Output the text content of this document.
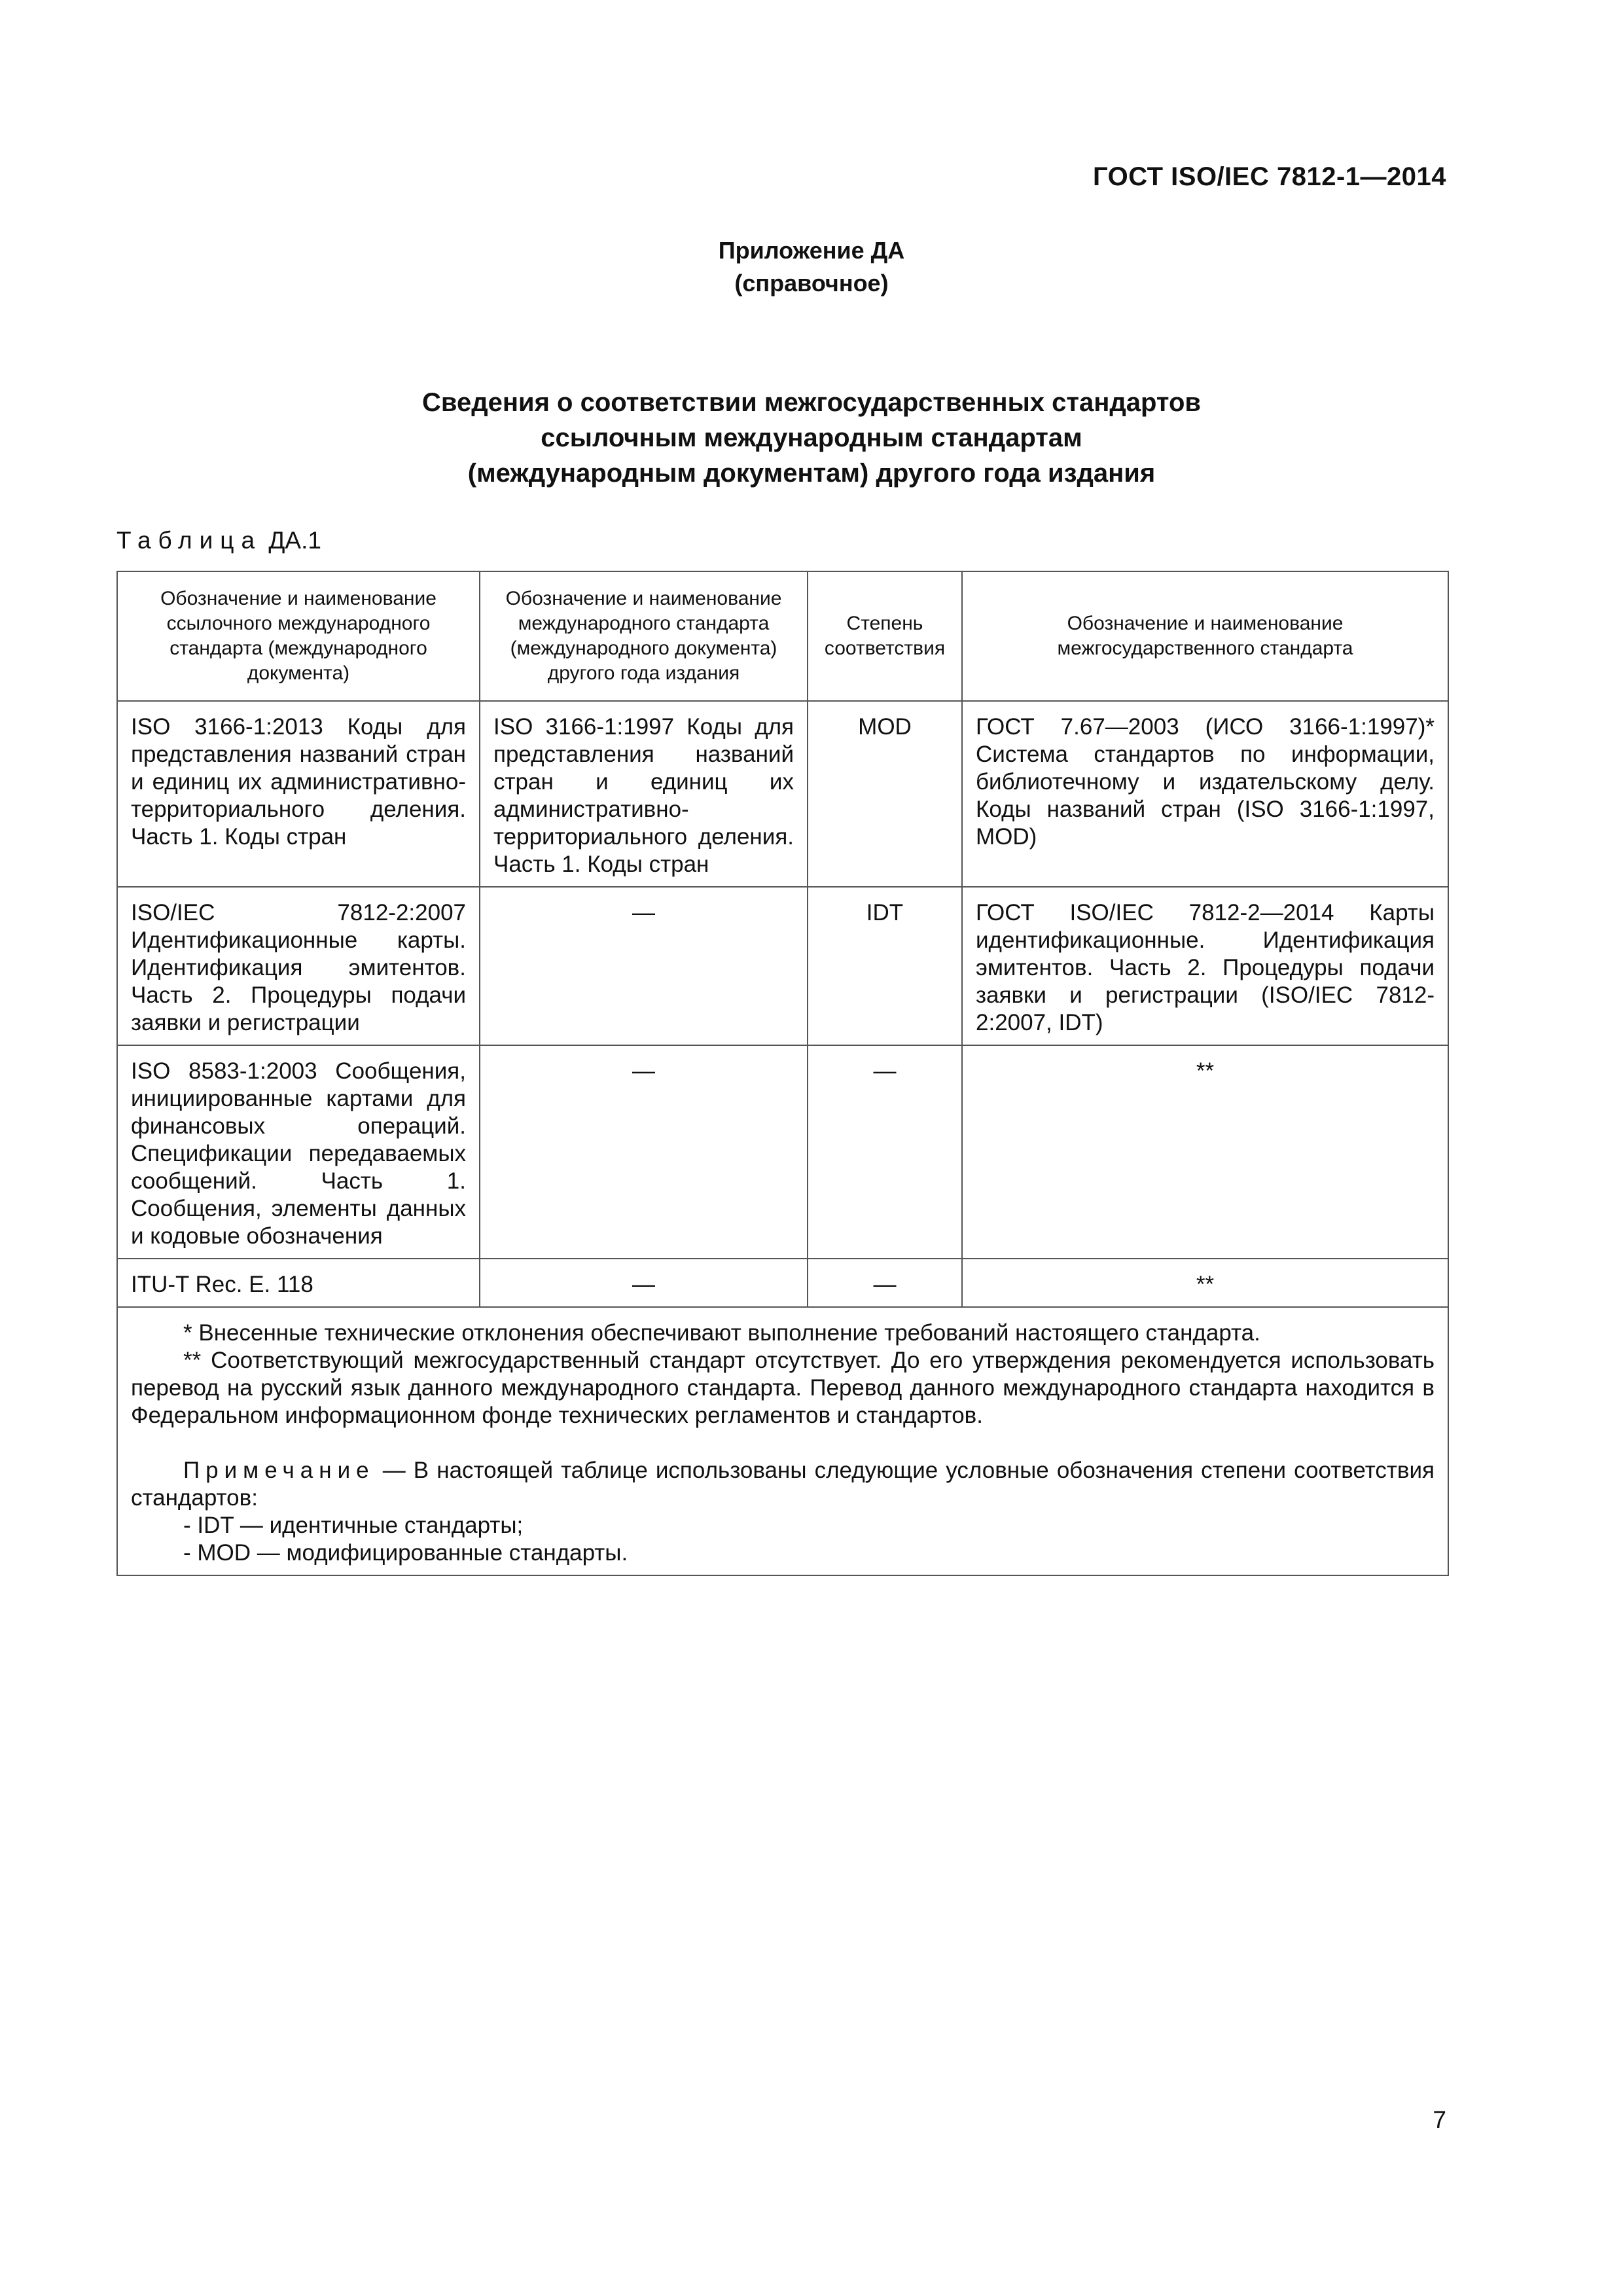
ГОСТ ISO/IEC 7812-1—2014
Приложение ДА
(справочное)
Сведения о соответствии межгосударственных стандартов
ссылочным международным стандартам
(международным документам) другого года издания
Таблица ДА.1
Обозначение и наименование ссылочного международного стандарта (международного документа)	Обозначение и наименование международного стандарта (международного документа) другого года издания	Степень соответствия	Обозначение и наименование межгосударственного стандарта
ISO 3166-1:2013 Коды для представления названий стран и единиц их административно-территориального деления. Часть 1. Коды стран	ISO 3166-1:1997 Коды для представления названий стран и единиц их административно-территориального деления. Часть 1. Коды стран	MOD	ГОСТ 7.67—2003 (ИСО 3166-1:1997)* Система стандартов по информации, библиотечному и издательскому делу. Коды названий стран (ISO 3166-1:1997, MOD)
ISO/IEC 7812-2:2007 Идентификационные карты. Идентификация эмитентов. Часть 2. Процедуры подачи заявки и регистрации	—	IDT	ГОСТ ISO/IEC 7812-2—2014 Карты идентификационные. Идентификация эмитентов. Часть 2. Процедуры подачи заявки и регистрации (ISO/IEC 7812-2:2007, IDT)
ISO 8583-1:2003 Сообщения, инициированные картами для финансовых операций. Спецификации передаваемых сообщений. Часть 1. Сообщения, элементы данных и кодовые обозначения	—	—	**
ITU-T Rec. E. 118	—	—	**

* Внесенные технические отклонения обеспечивают выполнение требований настоящего стандарта.

** Соответствующий межгосударственный стандарт отсутствует. До его утверждения рекомендуется использовать перевод на русский язык данного международного стандарта. Перевод данного международного стандарта находится в Федеральном информационном фонде технических регламентов и стандартов.

Примечание — В настоящей таблице использованы следующие условные обозначения степени соответствия стандартов:

- IDT — идентичные стандарты;

- MOD — модифицированные стандарты.			

7
